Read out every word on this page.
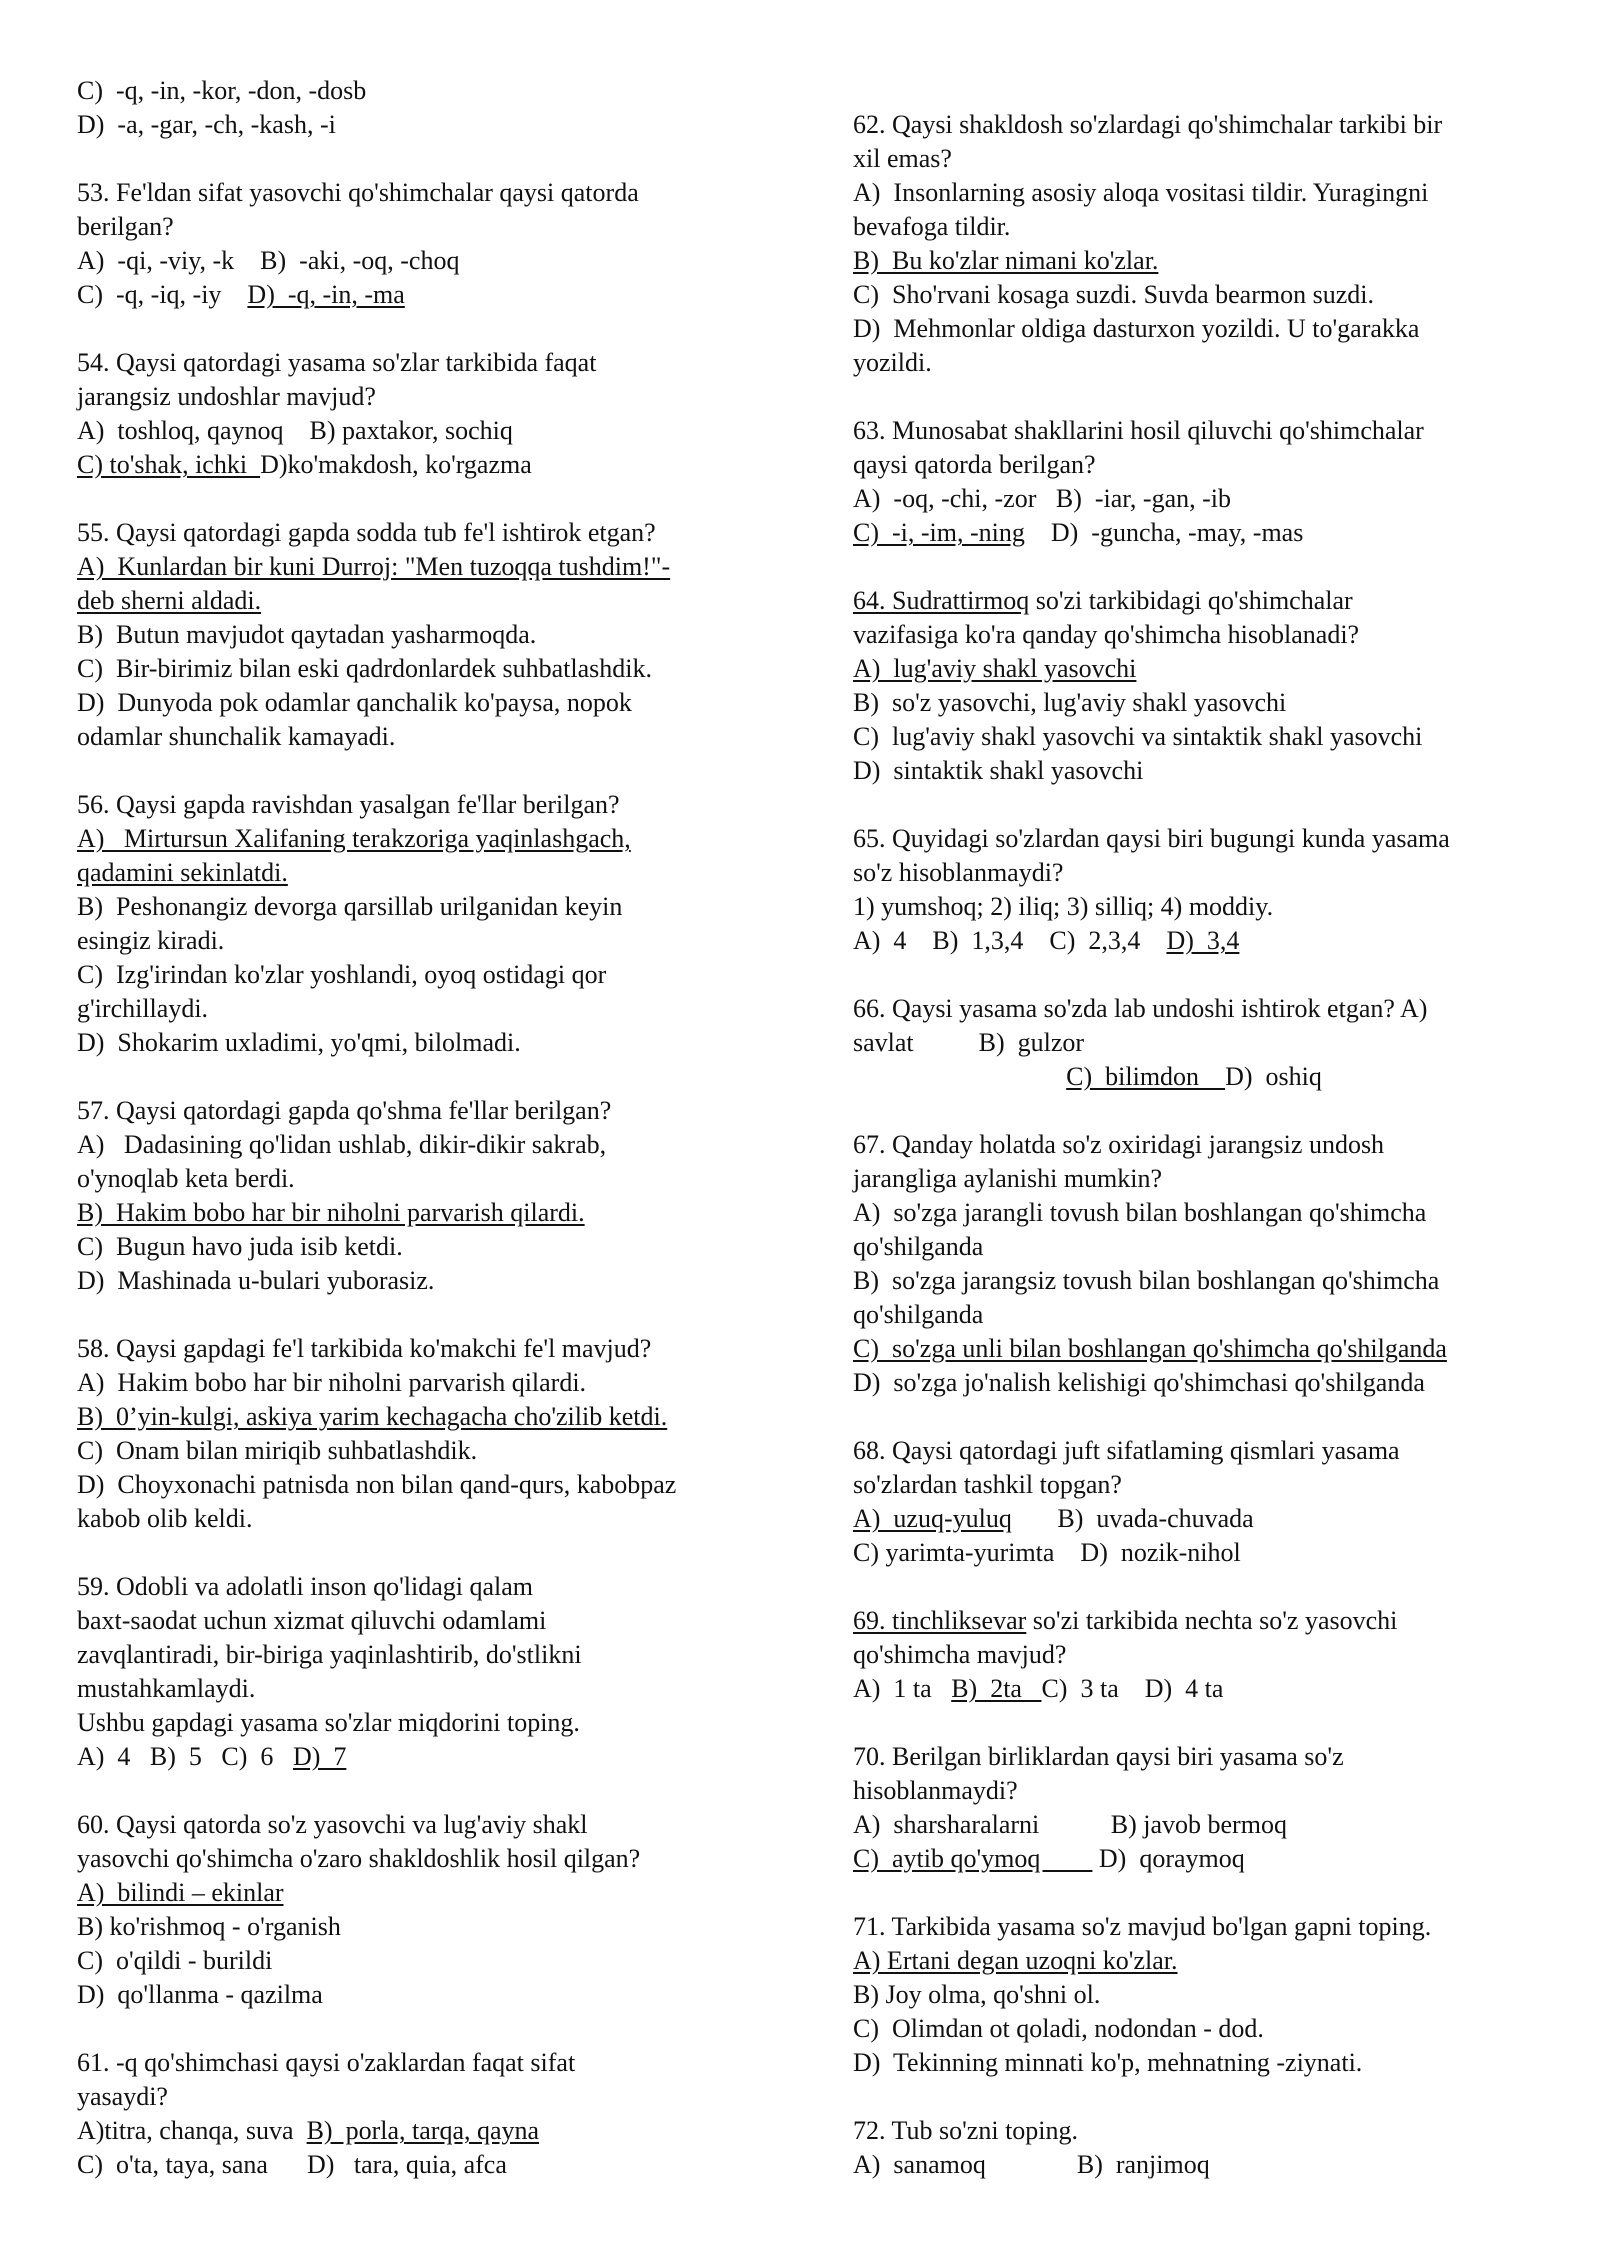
C)  -q, -in, -kor, -don, -dosb
D)  -a, -gar, -ch, -kash, -i
53. Fe'ldan sifat yasovchi qo'shimchalar qaysi qatorda
berilgan?
A)  -qi, -viy, -k    B)  -aki, -oq, -choq
C)  -q, -iq, -iy    D)  -q, -in, -ma
54. Qaysi qatordagi yasama so'zlar tarkibida faqat
jarangsiz undoshlar mavjud?
A)  toshloq, qaynoq    B) paxtakor, sochiq
C) to'shak, ichki  D)ko'makdosh, ko'rgazma
55. Qaysi qatordagi gapda sodda tub fe'l ishtirok etgan?
A)  Kunlardan bir kuni Durroj: "Men tuzoqqa tushdim!"-
deb sherni aldadi.
B)  Butun mavjudot qaytadan yasharmoqda.
C)  Bir-birimiz bilan eski qadrdonlardek suhbatlashdik.
D)  Dunyoda pok odamlar qanchalik ko'paysa, nopok
odamlar shunchalik kamayadi.
56. Qaysi gapda ravishdan yasalgan fe'llar berilgan?
A)   Mirtursun Xalifaning terakzoriga yaqinlashgach,
qadamini sekinlatdi.
B)  Peshonangiz devorga qarsillab urilganidan keyin
esingiz kiradi.
C)  Izg'irindan ko'zlar yoshlandi, oyoq ostidagi qor
g'irchillaydi.
D)  Shokarim uxladimi, yo'qmi, bilolmadi.
57. Qaysi qatordagi gapda qo'shma fe'llar berilgan?
A)   Dadasining qo'lidan ushlab, dikir-dikir sakrab,
o'ynoqlab keta berdi.
B)  Hakim bobo har bir niholni parvarish qilardi.
C)  Bugun havo juda isib ketdi.
D)  Mashinada u-bulari yuborasiz.
58. Qaysi gapdagi fe'l tarkibida ko'makchi fe'l mavjud?
A)  Hakim bobo har bir niholni parvarish qilardi.
B)  0’yin-kulgi, askiya yarim kechagacha cho'zilib ketdi.
C)  Onam bilan miriqib suhbatlashdik.
D)  Choyxonachi patnisda non bilan qand-qurs, kabobpaz
kabob olib keldi.
59. Odobli va adolatli inson qo'lidagi qalam
baxt-saodat uchun xizmat qiluvchi odamlami
zavqlantiradi, bir-biriga yaqinlashtirib, do'stlikni
mustahkamlaydi.
Ushbu gapdagi yasama so'zlar miqdorini toping.
A)  4   B)  5   C)  6   D)  7
60. Qaysi qatorda so'z yasovchi va lug'aviy shakl
yasovchi qo'shimcha o'zaro shakldoshlik hosil qilgan?
A)  bilindi – ekinlar
B) ko'rishmoq - o'rganish
C)  o'qildi - burildi
D)  qo'llanma - qazilma
61. -q qo'shimchasi qaysi o'zaklardan faqat sifat
yasaydi?
A)titra, chanqa, suva  B)  porla, tarqa, qayna
C)  o'ta, taya, sana      D)   tara, quia, afca
62. Qaysi shakldosh so'zlardagi qo'shimchalar tarkibi bir
xil emas?
A)  Insonlarning asosiy aloqa vositasi tildir. Yuragingni
bevafoga tildir.
B)  Bu ko'zlar nimani ko'zlar.
C)  Sho'rvani kosaga suzdi. Suvda bearmon suzdi.
D)  Mehmonlar oldiga dasturxon yozildi. U to'garakka
yozildi.
63. Munosabat shakllarini hosil qiluvchi qo'shimchalar
qaysi qatorda berilgan?
A)  -oq, -chi, -zor   B)  -iar, -gan, -ib
C)  -i, -im, -ning    D)  -guncha, -may, -mas
64. Sudrattirmoq so'zi tarkibidagi qo'shimchalar
vazifasiga ko'ra qanday qo'shimcha hisoblanadi?
A)  lug'aviy shakl yasovchi
B)  so'z yasovchi, lug'aviy shakl yasovchi
C)  lug'aviy shakl yasovchi va sintaktik shakl yasovchi
D)  sintaktik shakl yasovchi
65. Quyidagi so'zlardan qaysi biri bugungi kunda yasama
so'z hisoblanmaydi?
1) yumshoq; 2) iliq; 3) silliq; 4) moddiy.
A)  4    B)  1,3,4    C)  2,3,4    D)  3,4
66. Qaysi yasama so'zda lab undoshi ishtirok etgan? A)
savlat          B)  gulzor
C)  bilimdon    D)  oshiq
67. Qanday holatda so'z oxiridagi jarangsiz undosh
jarangliga aylanishi mumkin?
A)  so'zga jarangli tovush bilan boshlangan qo'shimcha
qo'shilganda
B)  so'zga jarangsiz tovush bilan boshlangan qo'shimcha
qo'shilganda
C)  so'zga unli bilan boshlangan qo'shimcha qo'shilganda
D)  so'zga jo'nalish kelishigi qo'shimchasi qo'shilganda
68. Qaysi qatordagi juft sifatlaming qismlari yasama
so'zlardan tashkil topgan?
A)  uzuq-yuluq       B)  uvada-chuvada
C) yarimta-yurimta    D)  nozik-nihol
69. tinchliksevar so'zi tarkibida nechta so'z yasovchi
qo'shimcha mavjud?
A)  1 ta   B)  2ta   C)  3 ta    D)  4 ta
70. Berilgan birliklardan qaysi biri yasama so'z
hisoblanmaydi?
A)  sharsharalarni           B) javob bermoq
C)  aytib qo'ymoq         D)  qoraymoq
71. Tarkibida yasama so'z mavjud bo'lgan gapni toping.
A) Ertani degan uzoqni ko'zlar.
B) Joy olma, qo'shni ol.
C)  Olimdan ot qoladi, nodondan - dod.
D)  Tekinning minnati ko'p, mehnatning -ziynati.
72. Tub so'zni toping.
A)  sanamoq              B)  ranjimoq
